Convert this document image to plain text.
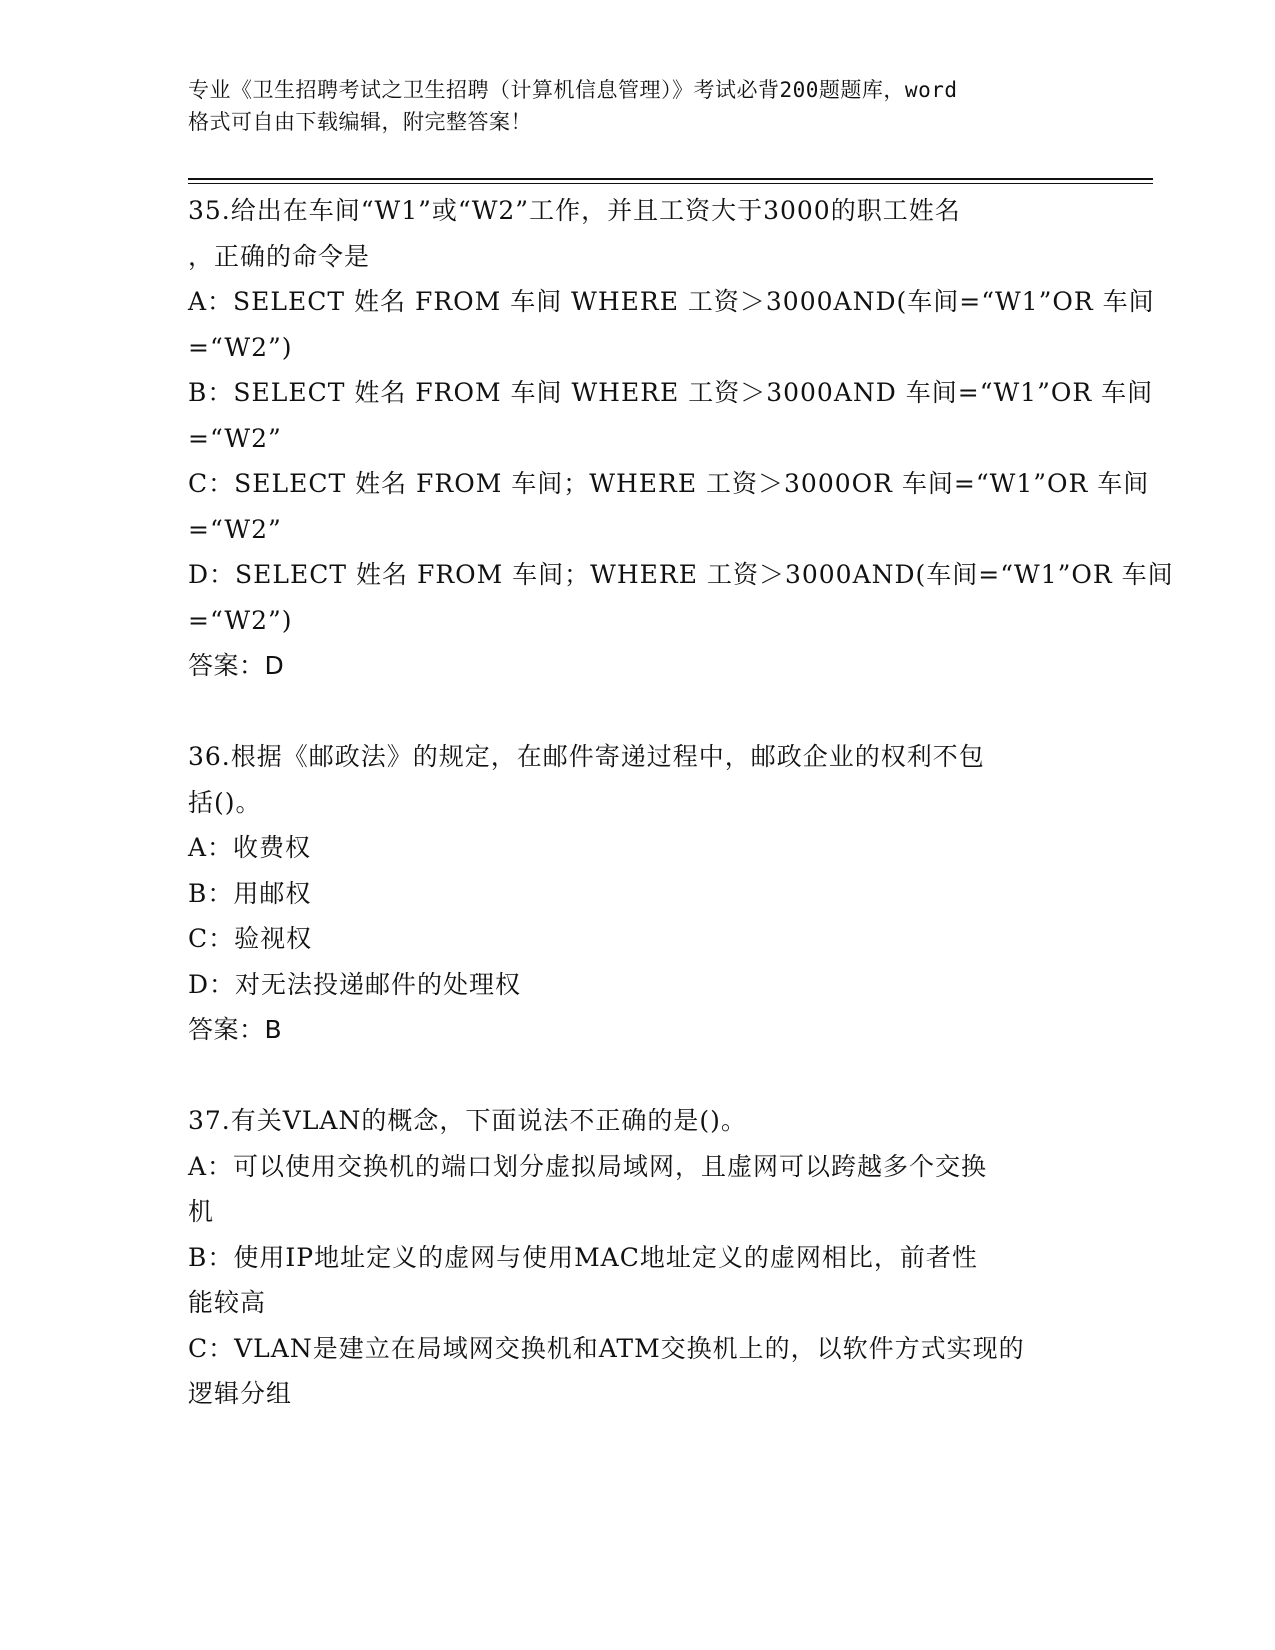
专业《卫生招聘考试之卫生招聘（计算机信息管理）》考试必背200题题库，word
格式可自由下载编辑，附完整答案！
35.给出在车间“W1”或“W2”工作，并且工资大于3000的职工姓名
，正确的命令是
A：SELECT 姓名 FROM 车间 WHERE 工资＞3000AND(车间=“W1”OR 车间
=“W2”)
B：SELECT 姓名 FROM 车间 WHERE 工资＞3000AND 车间=“W1”OR 车间
=“W2”
C：SELECT 姓名 FROM 车间；WHERE 工资＞3000OR 车间=“W1”OR 车间
=“W2”
D：SELECT 姓名 FROM 车间；WHERE 工资＞3000AND(车间=“W1”OR 车间
=“W2”)
答案：D
36.根据《邮政法》的规定，在邮件寄递过程中，邮政企业的权利不包
括()。
A：收费权
B：用邮权
C：验视权
D：对无法投递邮件的处理权
答案：B
37.有关VLAN的概念，下面说法不正确的是()。
A：可以使用交换机的端口划分虚拟局域网，且虚网可以跨越多个交换
机
B：使用IP地址定义的虚网与使用MAC地址定义的虚网相比，前者性
能较高
C：VLAN是建立在局域网交换机和ATM交换机上的，以软件方式实现的
逻辑分组
